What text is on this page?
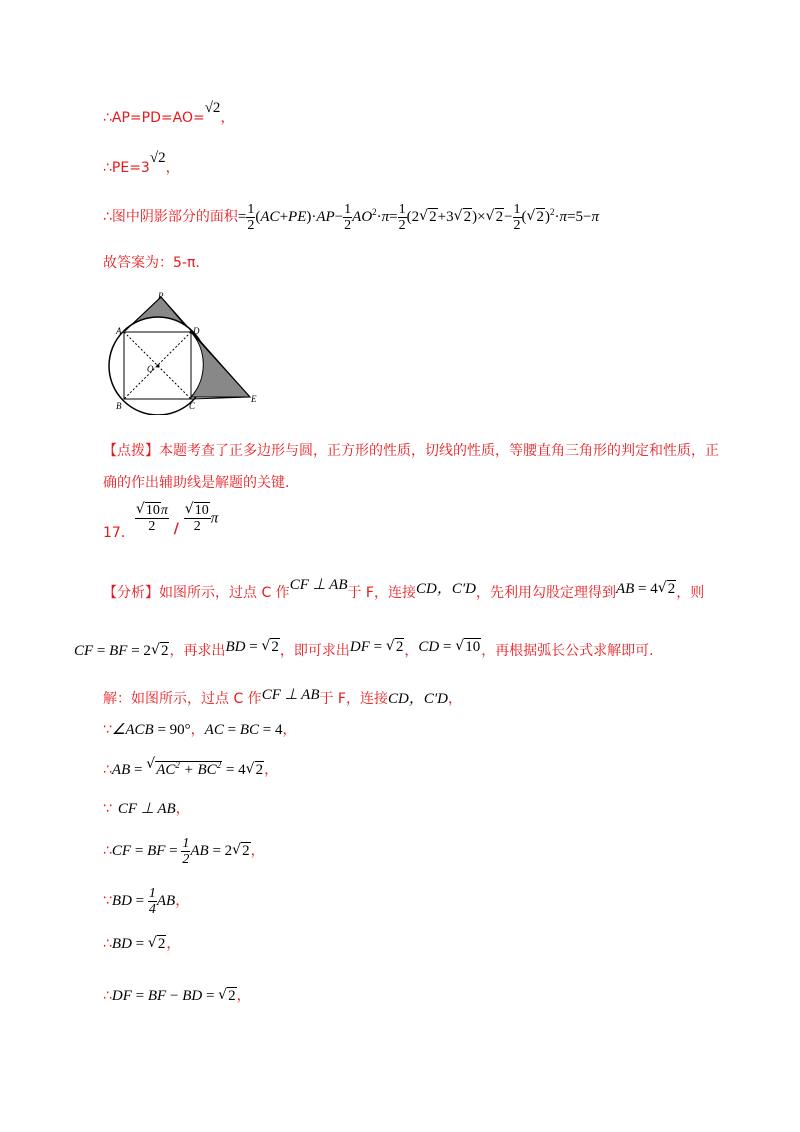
∴AP=PD=AO=√2，
∴PE=3√2，
∴图中阴影部分的面积= $\frac{1}{2} (AC+PE)\cdot AP- \frac{1}{2} AO^2\cdot\pi= \frac{1}{2} (2√$ 2+3√ 2)×√ $2- \frac{1}{2}$ (√ 2)$^2$·π=5−π
故答案为：5-π.
P
A	D
O
B	C
E
【点拨】本题考查了正多边形与圆，正方形的性质，切线的性质，等腰直角三角形的判定和性质，正
确的作出辅助线是解题的关键.
17．
√ $\frac{10\pi}{2}$ /
√ $\frac{10}{2}$ π
【分析】如图所示，过点 C 作CF ⊥ AB于 F，连接CD，C′D，先利用勾股定理得到AB = 4√ 2，则
CF = BF = 2√ 2，再求出BD = √ 2，即可求出DF = √ 2，CD = √ 10，再根据弧长公式求解即可.
解：如图所示，过点 C 作CF ⊥ AB于 F，连接CD，C′D，
∵∠ACB = 90°，AC = BC = 4，
∴AB = √ $AC^2 + BC^2 = 4√$ 2，
∵ CF ⊥ AB，
∴CF = BF = $\frac{1}{2}$ AB = 2√ 2，
∵BD = $\frac{1}{4}$ AB，
∴BD = √ 2，
∴DF = BF − BD = √ 2，
